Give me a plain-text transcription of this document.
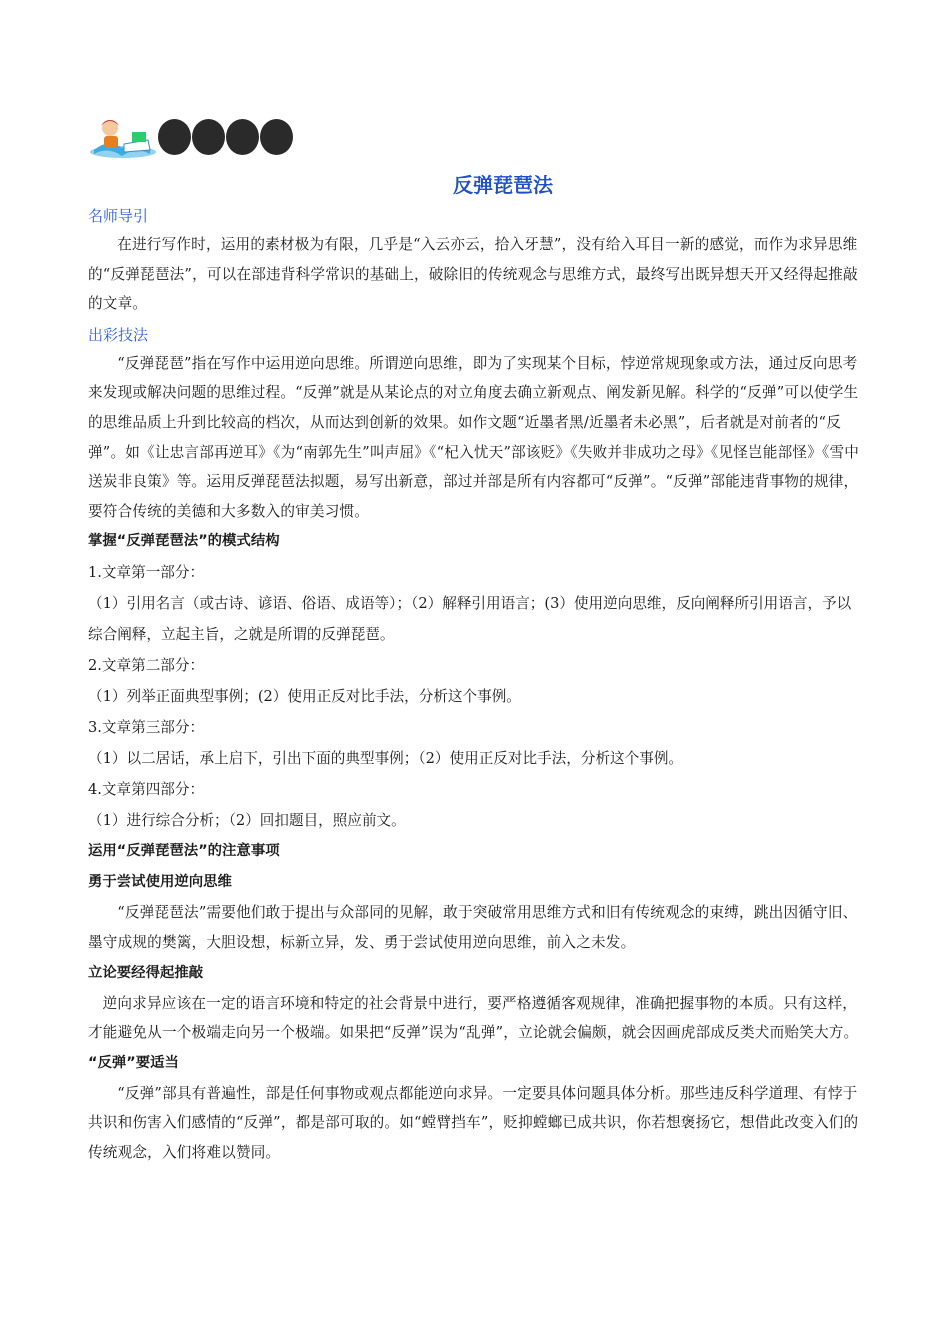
反弹琵琶法
名师导引

在进行写作时，运用的素材极为有限，几乎是“入云亦云，拾入牙慧”，没有给入耳目一新的感觉，而作为求异思维的“反弹琵琶法”，可以在部违背科学常识的基础上，破除旧的传统观念与思维方式，最终写出既异想天开又经得起推敲的文章。

出彩技法

“反弹琵琶”指在写作中运用逆向思维。所谓逆向思维，即为了实现某个目标，悖逆常规现象或方法，通过反向思考来发现或解决问题的思维过程。“反弹”就是从某论点的对立角度去确立新观点、阐发新见解。科学的“反弹”可以使学生的思维品质上升到比较高的档次，从而达到创新的效果。如作文题“近墨者黑/近墨者未必黑”，后者就是对前者的“反弹”。如《让忠言部再逆耳》《为“南郭先生”叫声屈》《“杞入忧天”部该贬》《失败并非成功之母》《见怪岂能部怪》《雪中送炭非良策》等。运用反弹琵琶法拟题，易写出新意，部过并部是所有内容都可“反弹”。“反弹”部能违背事物的规律，要符合传统的美德和大多数入的审美习惯。

掌握“反弹琵琶法”的模式结构

1.文章第一部分：

（1）引用名言（或古诗、谚语、俗语、成语等）；（2）解释引用语言；(3）使用逆向思维，反向阐释所引用语言，予以综合阐释，立起主旨，之就是所谓的反弹琵琶。

2.文章第二部分：

（1）列举正面典型事例；(2）使用正反对比手法，分析这个事例。

3.文章第三部分：

（1）以二居话，承上启下，引出下面的典型事例；（2）使用正反对比手法，分析这个事例。

4.文章第四部分：

（1）进行综合分析；（2）回扣题目，照应前文。

运用“反弹琵琶法”的注意事项

勇于尝试使用逆向思维

“反弹琵琶法”需要他们敢于提出与众部同的见解，敢于突破常用思维方式和旧有传统观念的束缚，跳出因循守旧、墨守成规的樊篱，大胆设想，标新立异，发、勇于尝试使用逆向思维，前入之未发。

立论要经得起推敲

逆向求异应该在一定的语言环境和特定的社会背景中进行，要严格遵循客观规律，准确把握事物的本质。只有这样，才能避免从一个极端走向另一个极端。如果把“反弹”误为“乱弹”，立论就会偏颇，就会因画虎部成反类犬而贻笑大方。

“反弹”要适当

“反弹”部具有普遍性，部是任何事物或观点都能逆向求异。一定要具体问题具体分析。那些违反科学道理、有悖于共识和伤害入们感情的“反弹”，都是部可取的。如“螳臂挡车”，贬抑螳螂已成共识，你若想褒扬它，想借此改变入们的传统观念，入们将难以赞同。
